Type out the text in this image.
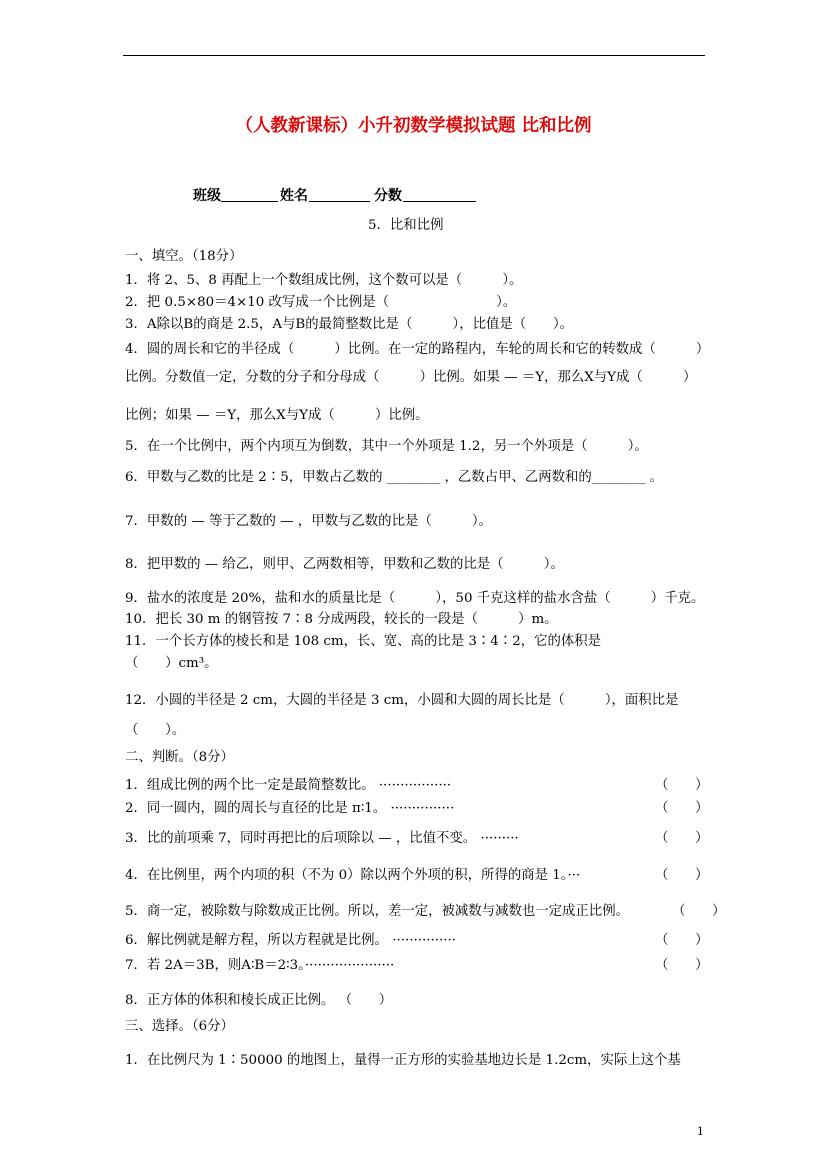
（人教新课标）小升初数学模拟试题 比和比例
班级	姓名	分数
5．比和比例
一、填空。（18分）
1．将 2、5、8 再配上一个数组成比例，这个数可以是（　　　）。
2．把 0.5×80＝4×10 改写成一个比例是（　　　　　　　　）。
3．A除以B的商是 2.5，A与B的最简整数比是（　　　），比值是（　　）。
4．圆的周长和它的半径成（　　　）比例。在一定的路程内，车轮的周长和它的转数成（　　　）
比例。分数值一定，分数的分子和分母成（　　　）比例。如果 — ＝Y，那么X与Y成（　　　）
比例；如果 — ＝Y，那么X与Y成（　　　）比例。
5．在一个比例中，两个内项互为倒数，其中一个外项是 1.2，另一个外项是（　　　）。
6．甲数与乙数的比是 2∶5，甲数占乙数的 ________ ，乙数占甲、乙两数和的________ 。
7．甲数的 — 等于乙数的 — ，甲数与乙数的比是（　　　）。
8．把甲数的 — 给乙，则甲、乙两数相等，甲数和乙数的比是（　　　）。
9．盐水的浓度是 20%，盐和水的质量比是（　　　），50 千克这样的盐水含盐（　　　）千克。
10．把长 30 m 的钢管按 7∶8 分成两段，较长的一段是（　　　）m。
11．一个长方体的棱长和是 108 cm，长、宽、高的比是 3∶4∶2，它的体积是
（　　）cm³。
12．小圆的半径是 2 cm，大圆的半径是 3 cm，小圆和大圆的周长比是（　　　），面积比是
（　　）。
二、判断。（8分）
1．组成比例的两个比一定是最简整数比。 ·················	（　　）
2．同一圆内，圆的周长与直径的比是 π∶1。 ···············	（　　）
3．比的前项乘 7，同时再把比的后项除以 — ，比值不变。 ·········	（　　）
4．在比例里，两个内项的积（不为 0）除以两个外项的积，所得的商是 1。···	（　　）
5．商一定，被除数与除数成正比例。所以，差一定，被减数与减数也一定成正比例。	（　　）
6．解比例就是解方程，所以方程就是比例。 ···············	（　　）
7．若 2A＝3B，则A∶B＝2∶3。·····················	（　　）
8．正方体的体积和棱长成正比例。 （　　）
三、选择。（6分）
1．在比例尺为 1∶50000 的地图上，量得一正方形的实验基地边长是 1.2cm，实际上这个基
1
